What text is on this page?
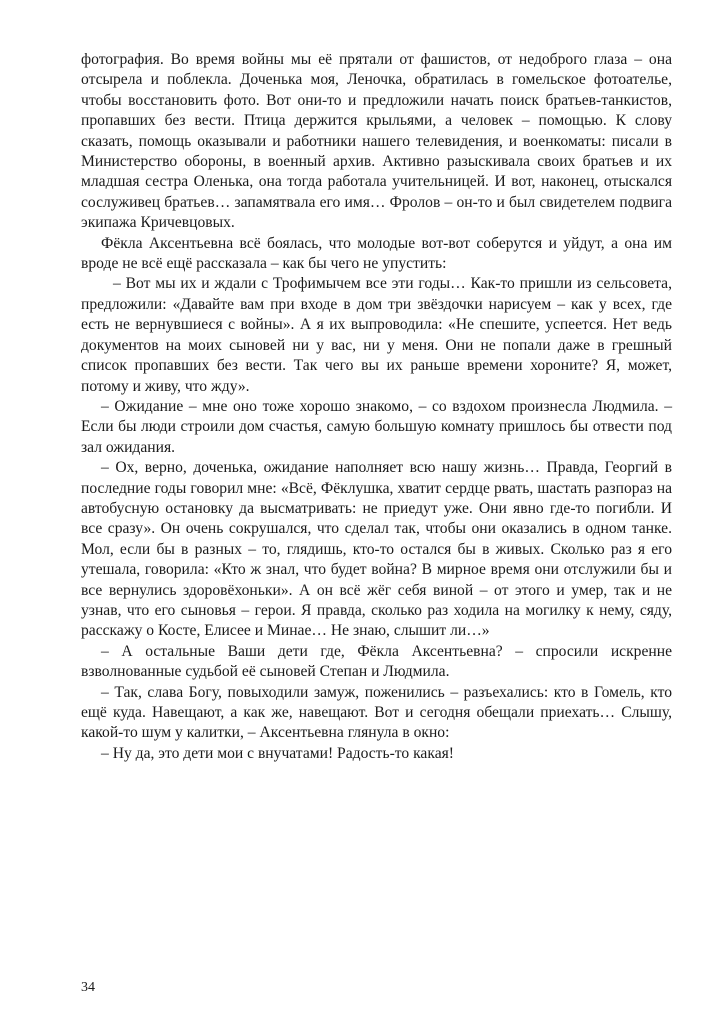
фотография. Во время войны мы её прятали от фашистов, от недоброго глаза – она отсырела и поблекла. Доченька моя, Леночка, обратилась в гомельское фотоателье, чтобы восстановить фото. Вот они-то и предложили начать поиск братьев-танкистов, пропавших без вести. Птица держится крыльями, а человек – помощью. К слову сказать, помощь оказывали и работники нашего телевидения, и военкоматы: писали в Министерство обороны, в военный архив. Активно разыскивала своих братьев и их младшая сестра Оленька, она тогда работала учительницей. И вот, наконец, отыскался сослуживец братьев… запамятвала его имя… Фролов – он-то и был свидетелем подвига экипажа Кричевцовых.

Фёкла Аксентьевна всё боялась, что молодые вот-вот соберутся и уйдут, а она им вроде не всё ещё рассказала – как бы чего не упустить:

– Вот мы их и ждали с Трофимычем все эти годы… Как-то пришли из сельсовета, предложили: «Давайте вам при входе в дом три звёздочки нарисуем – как у всех, где есть не вернувшиеся с войны». А я их выпроводила: «Не спешите, успеется. Нет ведь документов на моих сыновей ни у вас, ни у меня. Они не попали даже в грешный список пропавших без вести. Так чего вы их раньше времени хороните? Я, может, потому и живу, что жду».

– Ожидание – мне оно тоже хорошо знакомо, – со вздохом произнесла Людмила. – Если бы люди строили дом счастья, самую большую комнату пришлось бы отвести под зал ожидания.

– Ох, верно, доченька, ожидание наполняет всю нашу жизнь… Правда, Георгий в последние годы говорил мне: «Всё, Фёклушка, хватит сердце рвать, шастать разпораз на автобусную остановку да высматривать: не приедут уже. Они явно где-то погибли. И все сразу». Он очень сокрушался, что сделал так, чтобы они оказались в одном танке. Мол, если бы в разных – то, глядишь, кто-то остался бы в живых. Сколько раз я его утешала, говорила: «Кто ж знал, что будет война? В мирное время они отслужили бы и все вернулись здоровёхоньки». А он всё жёг себя виной – от этого и умер, так и не узнав, что его сыновья – герои. Я правда, сколько раз ходила на могилку к нему, сяду, расскажу о Косте, Елисее и Минае… Не знаю, слышит ли…»

– А остальные Ваши дети где, Фёкла Аксентьевна? – спросили искренне взволнованные судьбой её сыновей Степан и Людмила.

– Так, слава Богу, повыходили замуж, поженились – разъехались: кто в Гомель, кто ещё куда. Навещают, а как же, навещают. Вот и сегодня обещали приехать… Слышу, какой-то шум у калитки, – Аксентьевна глянула в окно:

– Ну да, это дети мои с внучатами! Радость-то какая!

34
